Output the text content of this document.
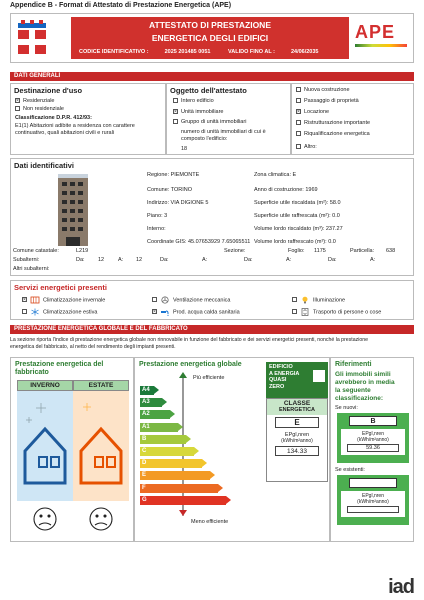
Appendice B - Format di Attestato di Prestazione Energetica (APE)
ATTESTATO DI PRESTAZIONE
ENERGETICA DEGLI EDIFICI
CODICE IDENTIFICATIVO :	2025 201485 0051	VALIDO FINO AL :	24/06/2035
APE
DATI GENERALI
Destinazione d'uso
× Residenziale
Non residenziale
Classificazione D.P.R. 412/93:
E1(1) Abitazioni adibite a residenza con carattere
continuativo, quali abitazioni civili e rurali
Oggetto dell'attestato
Intero edificio
× Unità immobiliare
Gruppo di unità immobiliari
numero di unità immobiliari di cui è
composto l'edificio:
18
Nuova costruzione
Passaggio di proprietà
× Locazione
Ristrutturazione importante
Riqualificazione energetica
Altro:
Dati identificativi
Regione: PIEMONTE
Comune: TORINO
Indirizzo: VIA DIGIONE 5
Piano: 3
Interno:
Coordinate GIS: 45.07653929 7.65065511
Zona climatica: E
Anno di costruzione: 1969
Superficie utile riscaldata (m²): 58.0
Superficie utile raffrescata (m²): 0.0
Volume lordo riscaldato (m³): 237.27
Volume lordo raffrescato (m³): 0.0
Comune catastale:	L219	Sezione:	Foglio: 1175	Particella: 638
Subalterni:	Da: 12	A: 12	Da:	A:	Da:	A:	Da:	A:
Altri subalterni:
Servizi energetici presenti
×	Climatizzazione invernale
Climatizzazione estiva
Ventilazione meccanica
×	Prod. acqua calda sanitaria
Illuminazione
Trasporto di persone o cose
PRESTAZIONE ENERGETICA GLOBALE E DEL FABBRICATO
La sezione riporta l'indice di prestazione energetica globale non rinnovabile in funzione del fabbricato e dei servizi energetici presenti, nonché la prestazione
energetica del fabbricato, al netto del rendimento degli impianti presenti.
Prestazione energetica del
fabbricato
INVERNO	ESTATE
Prestazione energetica globale
Più efficiente
Meno efficiente
A4
A3
A2
A1
B
C
D
E
F
G
EDIFICIO
A ENERGIA
QUASI
ZERO
CLASSE
ENERGETICA
E
EPgl,nren
(kWh/m²anno)
134.33
Riferimenti
Gli immobili simili
avrebbero in media
la seguente
classificazione:
Se nuovi:
B
EPgl,nren
(kWh/m²anno)
59.36
Se esistenti:
EPgl,nren
(kWh/m²anno)
iad
